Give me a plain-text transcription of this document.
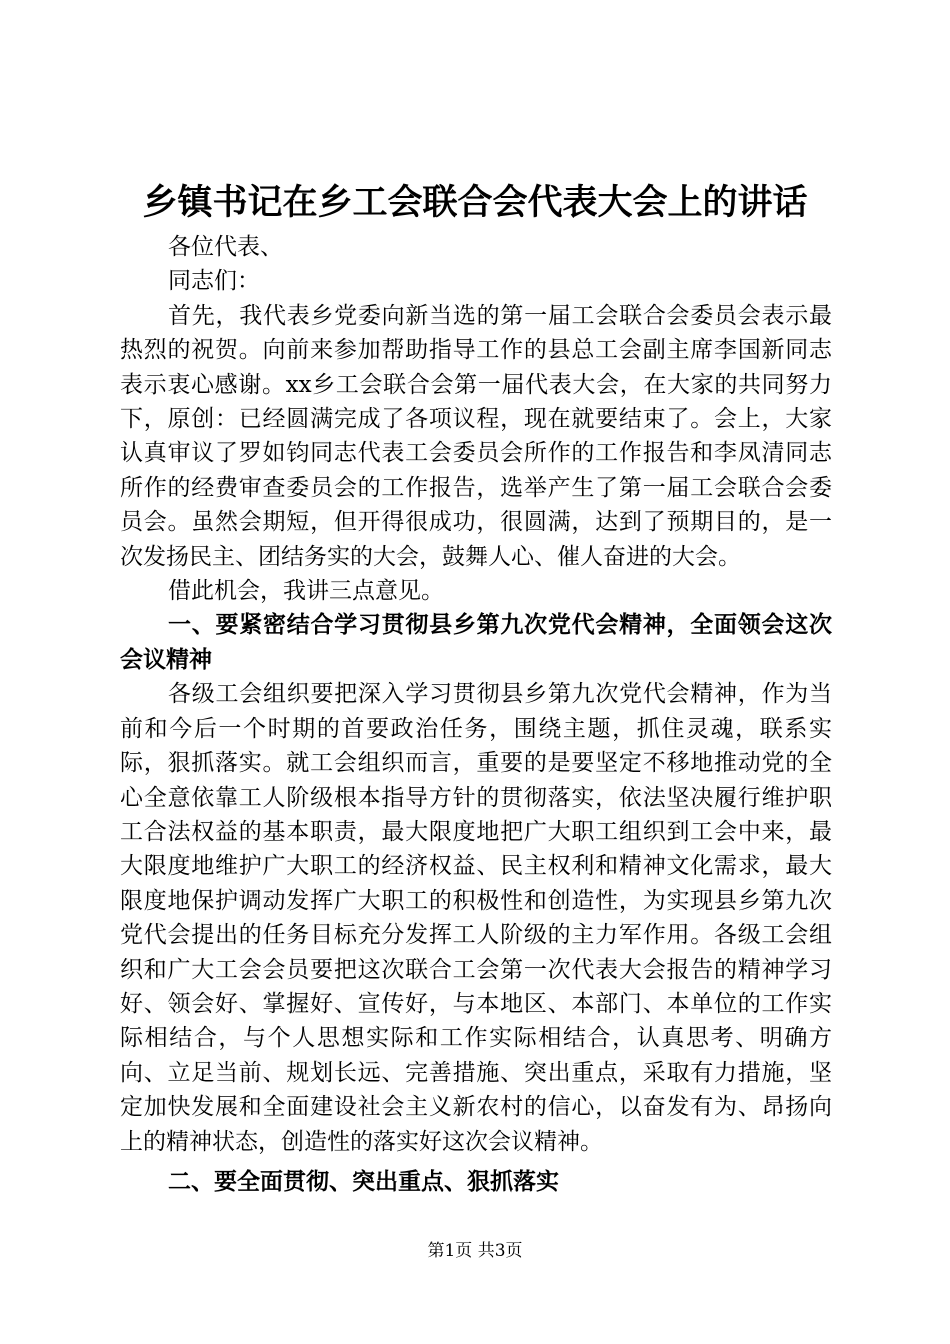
乡镇书记在乡工会联合会代表大会上的讲话

各位代表、

同志们：

首先，我代表乡党委向新当选的第一届工会联合会委员会表示最热烈的祝贺。向前来参加帮助指导工作的县总工会副主席李国新同志表示衷心感谢。xx乡工会联合会第一届代表大会，在大家的共同努力下，原创：已经圆满完成了各项议程，现在就要结束了。会上，大家认真审议了罗如钧同志代表工会委员会所作的工作报告和李凤清同志所作的经费审查委员会的工作报告，选举产生了第一届工会联合会委员会。虽然会期短，但开得很成功，很圆满，达到了预期目的，是一次发扬民主、团结务实的大会，鼓舞人心、催人奋进的大会。

借此机会，我讲三点意见。

一、要紧密结合学习贯彻县乡第九次党代会精神，全面领会这次会议精神

各级工会组织要把深入学习贯彻县乡第九次党代会精神，作为当前和今后一个时期的首要政治任务，围绕主题，抓住灵魂，联系实际，狠抓落实。就工会组织而言，重要的是要坚定不移地推动党的全心全意依靠工人阶级根本指导方针的贯彻落实，依法坚决履行维护职工合法权益的基本职责，最大限度地把广大职工组织到工会中来，最大限度地维护广大职工的经济权益、民主权利和精神文化需求，最大限度地保护调动发挥广大职工的积极性和创造性，为实现县乡第九次党代会提出的任务目标充分发挥工人阶级的主力军作用。各级工会组织和广大工会会员要把这次联合工会第一次代表大会报告的精神学习好、领会好、掌握好、宣传好，与本地区、本部门、本单位的工作实际相结合，与个人思想实际和工作实际相结合，认真思考、明确方向、立足当前、规划长远、完善措施、突出重点，采取有力措施，坚定加快发展和全面建设社会主义新农村的信心，以奋发有为、昂扬向上的精神状态，创造性的落实好这次会议精神。

二、要全面贯彻、突出重点、狠抓落实

第1页 共3页
